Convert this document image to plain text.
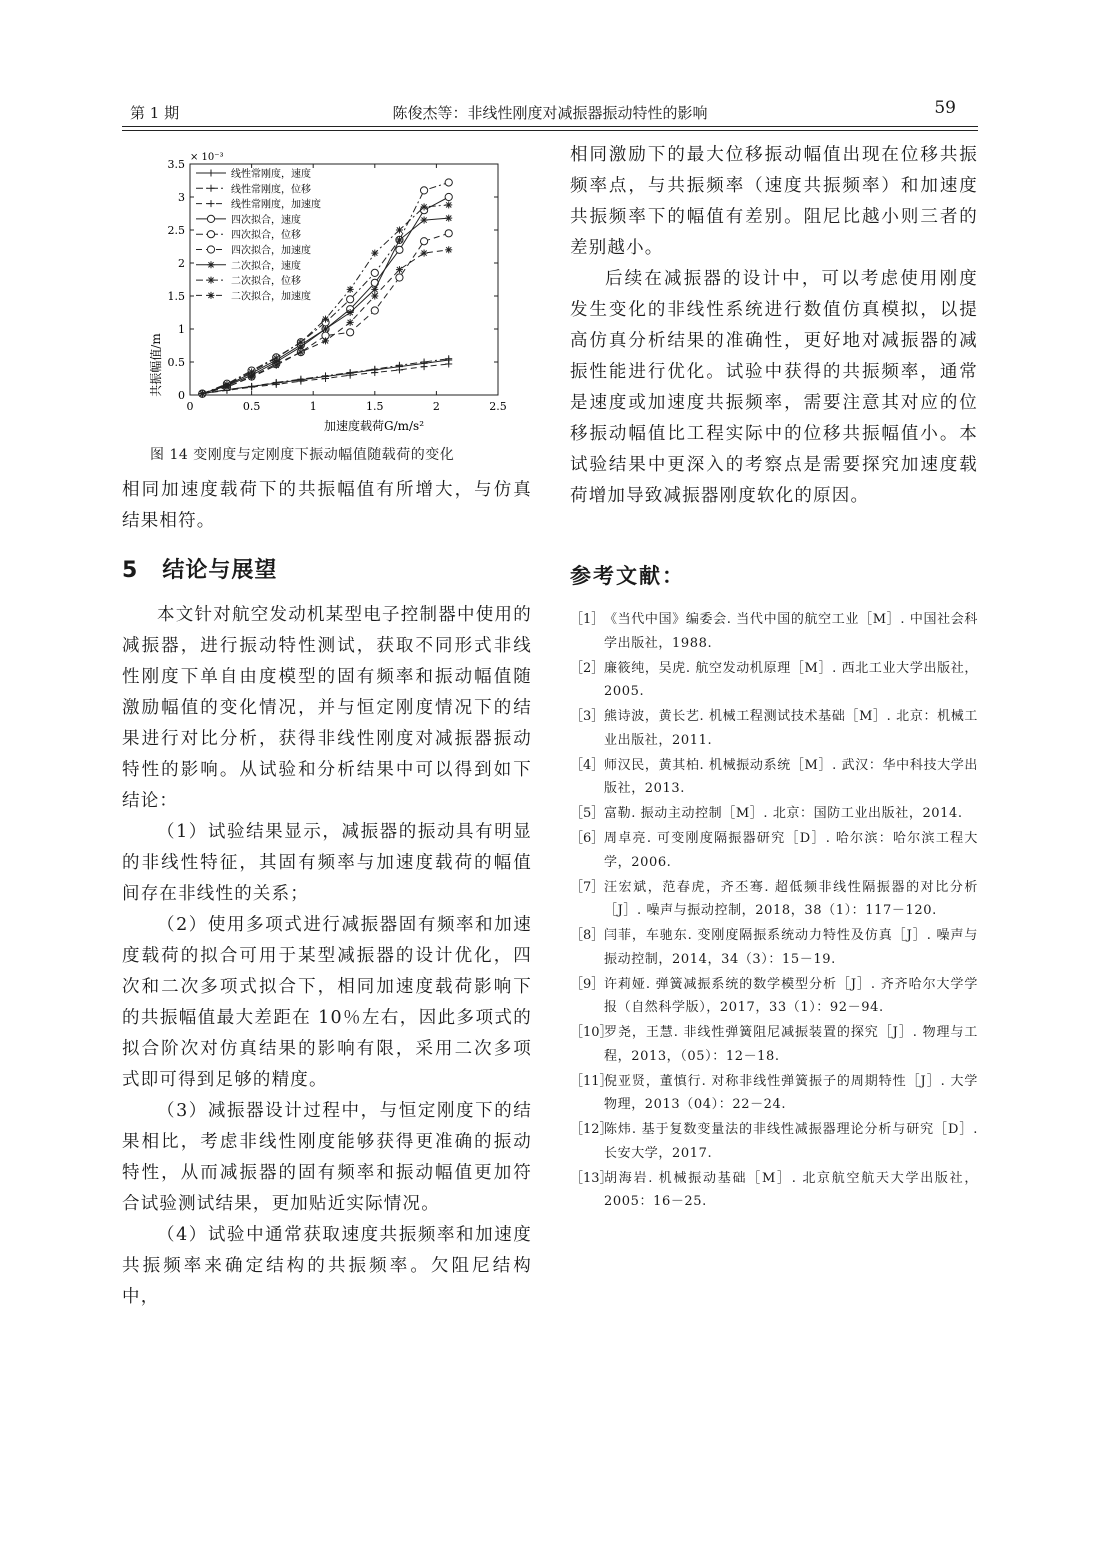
第 1 期	陈俊杰等：非线性刚度对减振器振动特性的影响	59
共振幅值/m
× 10⁻³
加速度载荷G/m/s²
0	0.5	1	1.5	2	2.5
0
0.5
1
1.5
2
2.5
3
3.5
线性常刚度，速度
线性常刚度，位移
线性常刚度，加速度
四次拟合，速度
四次拟合，位移
四次拟合，加速度
二次拟合，速度
二次拟合，位移
二次拟合，加速度
图 14 变刚度与定刚度下振动幅值随载荷的变化

相同加速度载荷下的共振幅值有所增大，与仿真结果相符。

5 结论与展望

本文针对航空发动机某型电子控制器中使用的减振器，进行振动特性测试，获取不同形式非线性刚度下单自由度模型的固有频率和振动幅值随激励幅值的变化情况，并与恒定刚度情况下的结果进行对比分析，获得非线性刚度对减振器振动特性的影响。从试验和分析结果中可以得到如下结论：

（1）试验结果显示，减振器的振动具有明显的非线性特征，其固有频率与加速度载荷的幅值间存在非线性的关系；

（2）使用多项式进行减振器固有频率和加速度载荷的拟合可用于某型减振器的设计优化，四次和二次多项式拟合下，相同加速度载荷影响下的共振幅值最大差距在 10％左右，因此多项式的拟合阶次对仿真结果的影响有限，采用二次多项式即可得到足够的精度。

（3）减振器设计过程中，与恒定刚度下的结果相比，考虑非线性刚度能够获得更准确的振动特性，从而减振器的固有频率和振动幅值更加符合试验测试结果，更加贴近实际情况。

（4）试验中通常获取速度共振频率和加速度共振频率来确定结构的共振频率。欠阻尼结构中，

相同激励下的最大位移振动幅值出现在位移共振频率点，与共振频率（速度共振频率）和加速度共振频率下的幅值有差别。阻尼比越小则三者的差别越小。

后续在减振器的设计中，可以考虑使用刚度发生变化的非线性系统进行数值仿真模拟，以提高仿真分析结果的准确性，更好地对减振器的减振性能进行优化。试验中获得的共振频率，通常是速度或加速度共振频率，需要注意其对应的位移振动幅值比工程实际中的位移共振幅值小。本试验结果中更深入的考察点是需要探究加速度载荷增加导致减振器刚度软化的原因。

参考文献：
［1］ 《当代中国》编委会. 当代中国的航空工业［M］. 中国社会科学出版社，1988.
［2］ 廉筱纯，吴虎. 航空发动机原理［M］. 西北工业大学出版社，2005.
［3］ 熊诗波，黄长艺. 机械工程测试技术基础［M］. 北京：机械工业出版社，2011.
［4］ 师汉民，黄其柏. 机械振动系统［M］. 武汉：华中科技大学出版社，2013.
［5］ 富勒. 振动主动控制［M］. 北京：国防工业出版社，2014.
［6］ 周卓亮. 可变刚度隔振器研究［D］. 哈尔滨：哈尔滨工程大学，2006.
［7］ 汪宏斌，范春虎，齐丕骞. 超低频非线性隔振器的对比分析［J］. 噪声与振动控制，2018，38（1）：117－120.
［8］ 闫菲，车驰东. 变刚度隔振系统动力特性及仿真［J］. 噪声与振动控制，2014，34（3）：15－19.
［9］ 许莉娅. 弹簧减振系统的数学模型分析［J］. 齐齐哈尔大学学报（自然科学版），2017，33（1）：92－94.
［10］
罗尧，王慧. 非线性弹簧阻尼减振装置的探究［J］. 物理与工程，2013，（05）：12－18.
［11］
倪亚贤，董慎行. 对称非线性弹簧振子的周期特性［J］. 大学物理，2013（04）：22－24.
［12］
陈炜. 基于复数变量法的非线性减振器理论分析与研究［D］. 长安大学，2017.
［13］
胡海岩. 机械振动基础［M］. 北京航空航天大学出版社，2005：16－25.
